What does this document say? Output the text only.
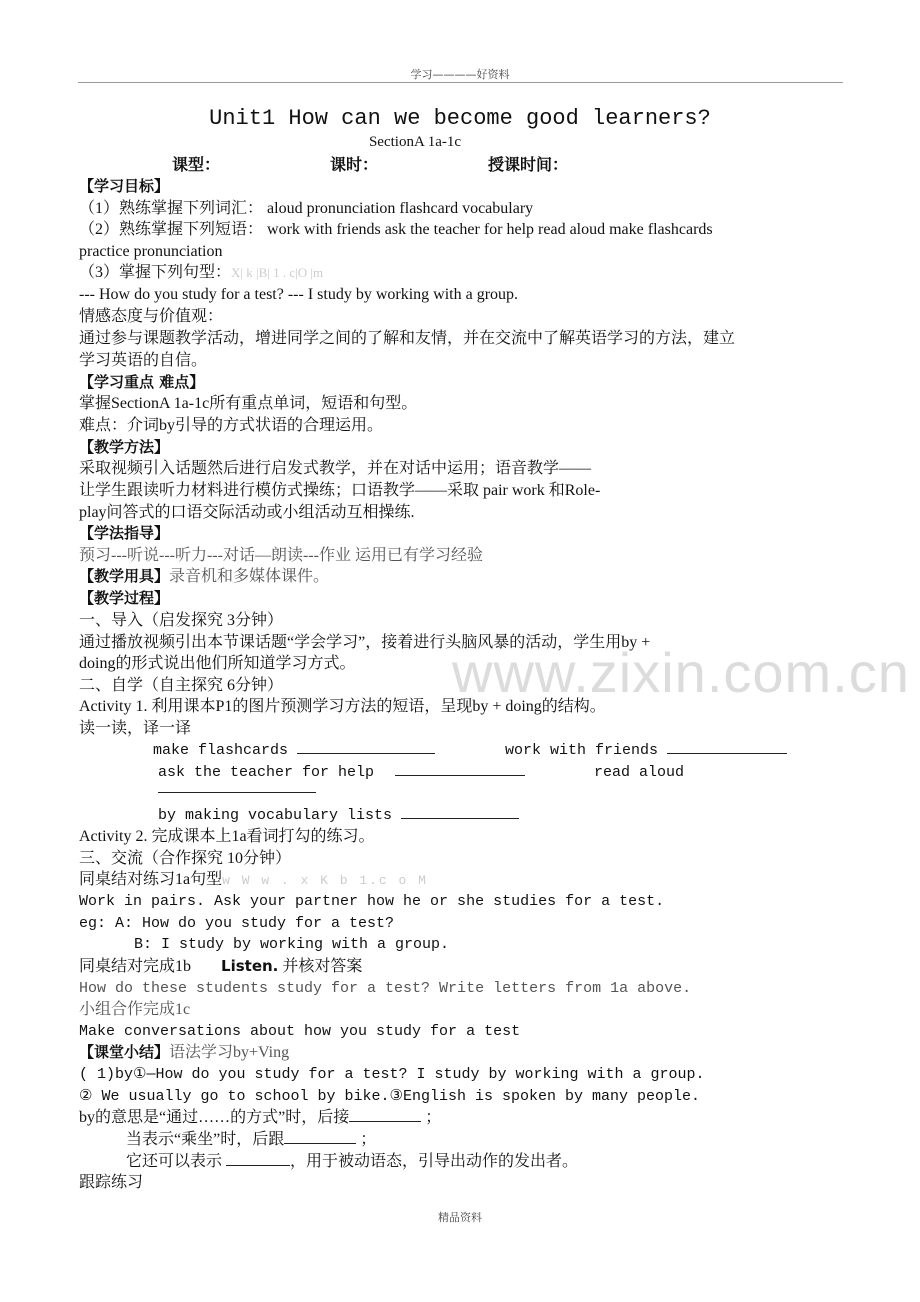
学习————好资料
www.zixin.com.cn
Unit1 How can we become good learners?
SectionA 1a-1c
课型：	课时：	授课时间：
【学习目标】
（1）熟练掌握下列词汇： aloud pronunciation flashcard vocabulary
（2）熟练掌握下列短语： work with friends ask the teacher for help read aloud make flashcards
practice pronunciation
（3）掌握下列句型：X| k |B| 1 . c|O |m
--- How do you study for a test? --- I study by working with a group.
情感态度与价值观：
通过参与课题教学活动，增进同学之间的了解和友情，并在交流中了解英语学习的方法，建立
学习英语的自信。
【学习重点 难点】
掌握SectionA 1a-1c所有重点单词，短语和句型。
难点：介词by引导的方式状语的合理运用。
【教学方法】
采取视频引入话题然后进行启发式教学，并在对话中运用；语音教学——
让学生跟读听力材料进行模仿式操练；口语教学——采取 pair work 和Role-
play问答式的口语交际活动或小组活动互相操练.
【学法指导】
预习---听说---听力---对话—朗读---作业 运用已有学习经验
【教学用具】录音机和多媒体课件。
【教学过程】
一、导入（启发探究 3分钟）
通过播放视频引出本节课话题“学会学习”，接着进行头脑风暴的活动，学生用by +
doing的形式说出他们所知道学习方式。
二、自学（自主探究 6分钟）
Activity 1. 利用课本P1的图片预测学习方法的短语，呈现by + doing的结构。
读一读，译一译
make flashcards	work with friends
ask the teacher for help	read aloud
by making vocabulary lists
Activity 2. 完成课本上1a看词打勾的练习。
三、交流（合作探究 10分钟）
同桌结对练习1a句型w W w . x K b 1.c o M
Work in pairs. Ask your partner how he or she studies for a test.
eg: A: How do you study for a test?
B: I study by working with a group.
同桌结对完成1b Listen. 并核对答案
How do these students study for a test? Write letters from 1a above.
小组合作完成1c
Make conversations about how you study for a test
【课堂小结】语法学习by+Ving
( 1)by①—How do you study for a test? I study by working with a group.
② We usually go to school by bike.③English is spoken by many people.
by的意思是“通过……的方式”时，后接	；
当表示“乘坐”时，后跟	；
它还可以表示	，用于被动语态，引导出动作的发出者。
跟踪练习
精品资料
